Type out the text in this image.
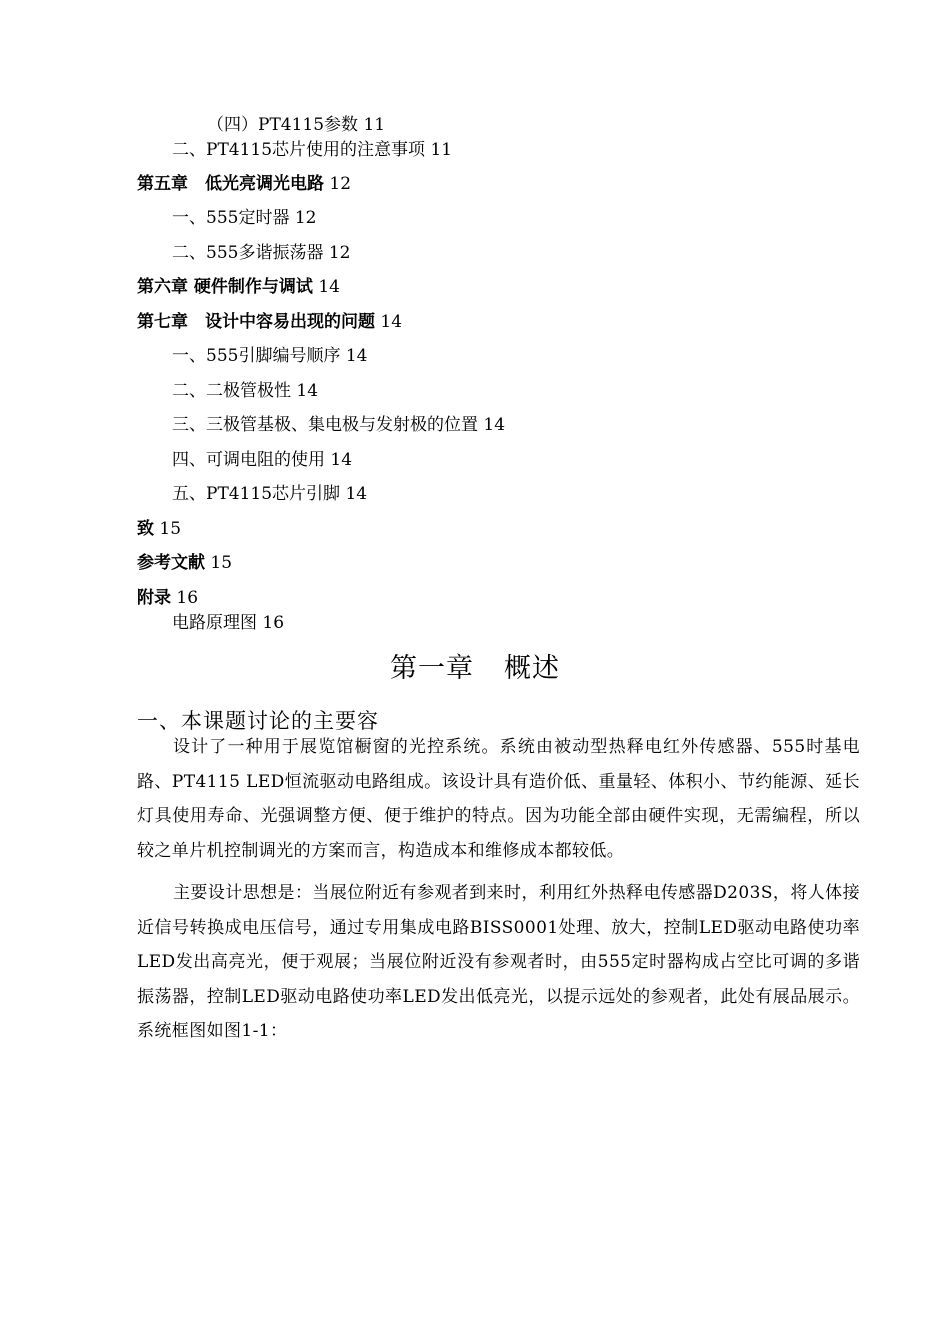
（四）PT4115参数 11
二、PT4115芯片使用的注意事项 11
第五章　低光亮调光电路 12
一、555定时器 12
二、555多谐振荡器 12
第六章 硬件制作与调试 14
第七章　设计中容易出现的问题 14
一、555引脚编号顺序 14
二、二极管极性 14
三、三极管基极、集电极与发射极的位置 14
四、可调电阻的使用 14
五、PT4115芯片引脚 14
致 15
参考文献 15
附录 16
电路原理图 16
第一章 概述
一、本课题讨论的主要容
设计了一种用于展览馆橱窗的光控系统。系统由被动型热释电红外传感器、555时基电路、PT4115 LED恒流驱动电路组成。该设计具有造价低、重量轻、体积小、节约能源、延长灯具使用寿命、光强调整方便、便于维护的特点。因为功能全部由硬件实现，无需编程，所以较之单片机控制调光的方案而言，构造成本和维修成本都较低。
主要设计思想是：当展位附近有参观者到来时，利用红外热释电传感器D203S，将人体接近信号转换成电压信号，通过专用集成电路BISS0001处理、放大，控制LED驱动电路使功率LED发出高亮光，便于观展；当展位附近没有参观者时，由555定时器构成占空比可调的多谐振荡器，控制LED驱动电路使功率LED发出低亮光，以提示远处的参观者，此处有展品展示。系统框图如图1-1：
